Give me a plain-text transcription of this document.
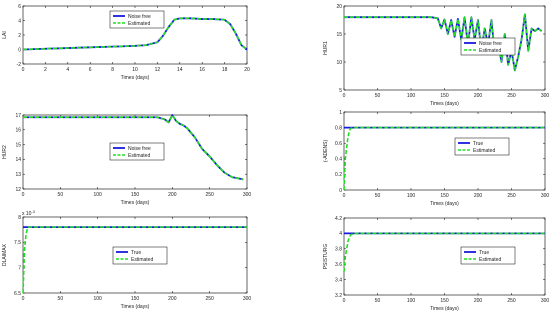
0	2	4	6	8	10	12	14	16	18	20
-2
0
2
4
6
Times (days)
LAI
Noise free
Estimated
0	50	100	150	200	250	300
5
10
15
20
Times (days)
HUR1	Noise free
Estimated
0	50	100	150	200	250	300
12
13
14
15
16
17
Times (days)
HUR2	Noise free
Estimated
0	50	100	150	200	250	300
0
0.2
0.4
0.6
0.8
1
Times (days)
(-ADENS)	True
Estimated
0	50	100	150	200	250	300
6.5
7
7.5
8
x $10^{-3}$
Times (days)
DLAIMAX	True
Estimated
0	50	100	150	200	250	300
3.2
3.4
3.6
3.8
4
4.2
Times (days)
PSISTURG	True
Estimated
